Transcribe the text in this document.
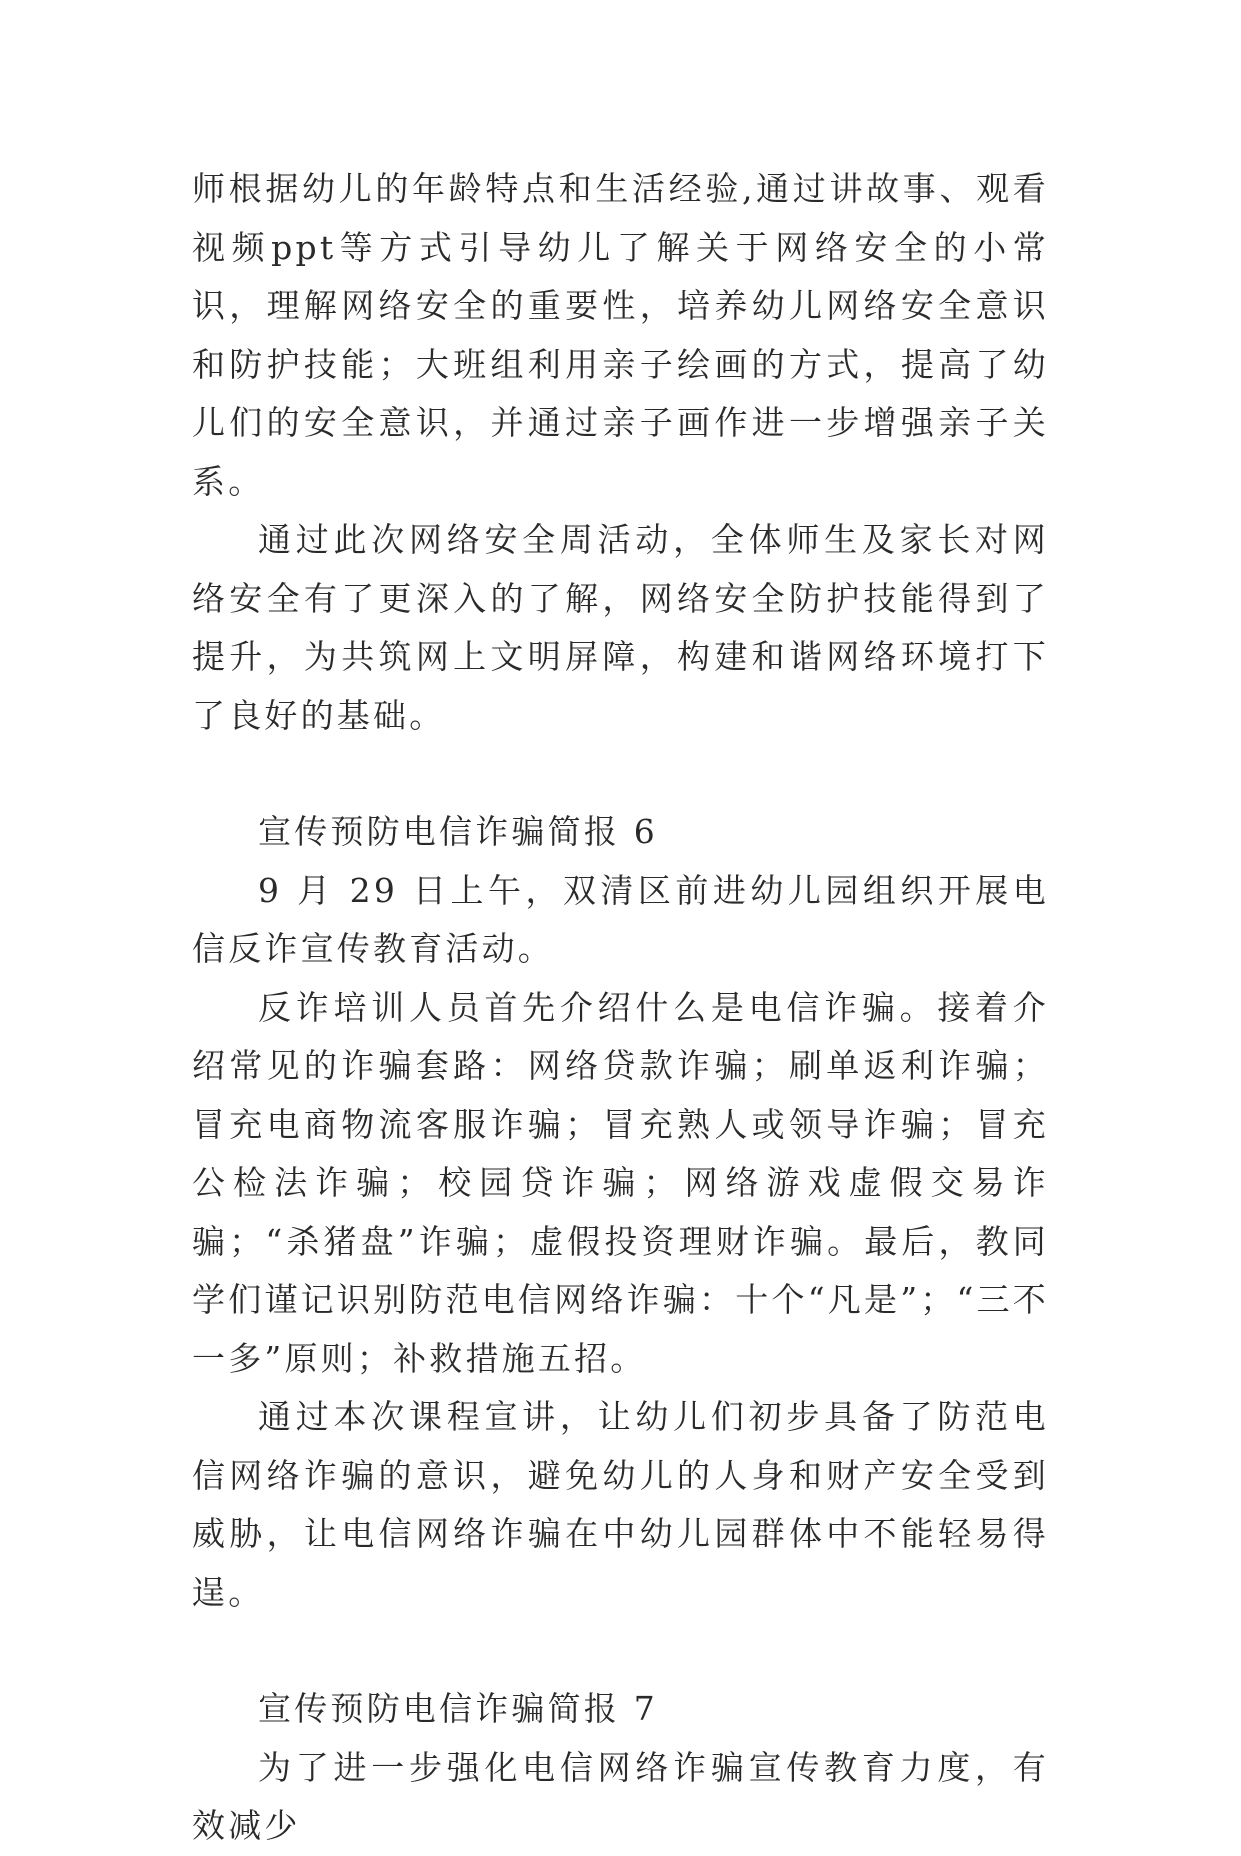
师根据幼儿的年龄特点和生活经验,通过讲故事、观看视频ppt等方式引导幼儿了解关于网络安全的小常识，理解网络安全的重要性，培养幼儿网络安全意识和防护技能；大班组利用亲子绘画的方式，提高了幼儿们的安全意识，并通过亲子画作进一步增强亲子关系。

通过此次网络安全周活动，全体师生及家长对网络安全有了更深入的了解，网络安全防护技能得到了提升，为共筑网上文明屏障，构建和谐网络环境打下了良好的基础。

宣传预防电信诈骗简报 6

9 月 29 日上午，双清区前进幼儿园组织开展电信反诈宣传教育活动。

反诈培训人员首先介绍什么是电信诈骗。接着介绍常见的诈骗套路：网络贷款诈骗；刷单返利诈骗；冒充电商物流客服诈骗；冒充熟人或领导诈骗；冒充公检法诈骗；校园贷诈骗；网络游戏虚假交易诈骗；“杀猪盘”诈骗；虚假投资理财诈骗。最后，教同学们谨记识别防范电信网络诈骗：十个“凡是”；“三不一多”原则；补救措施五招。

通过本次课程宣讲，让幼儿们初步具备了防范电信网络诈骗的意识，避免幼儿的人身和财产安全受到威胁，让电信网络诈骗在中幼儿园群体中不能轻易得逞。

宣传预防电信诈骗简报 7

为了进一步强化电信网络诈骗宣传教育力度，有效减少
